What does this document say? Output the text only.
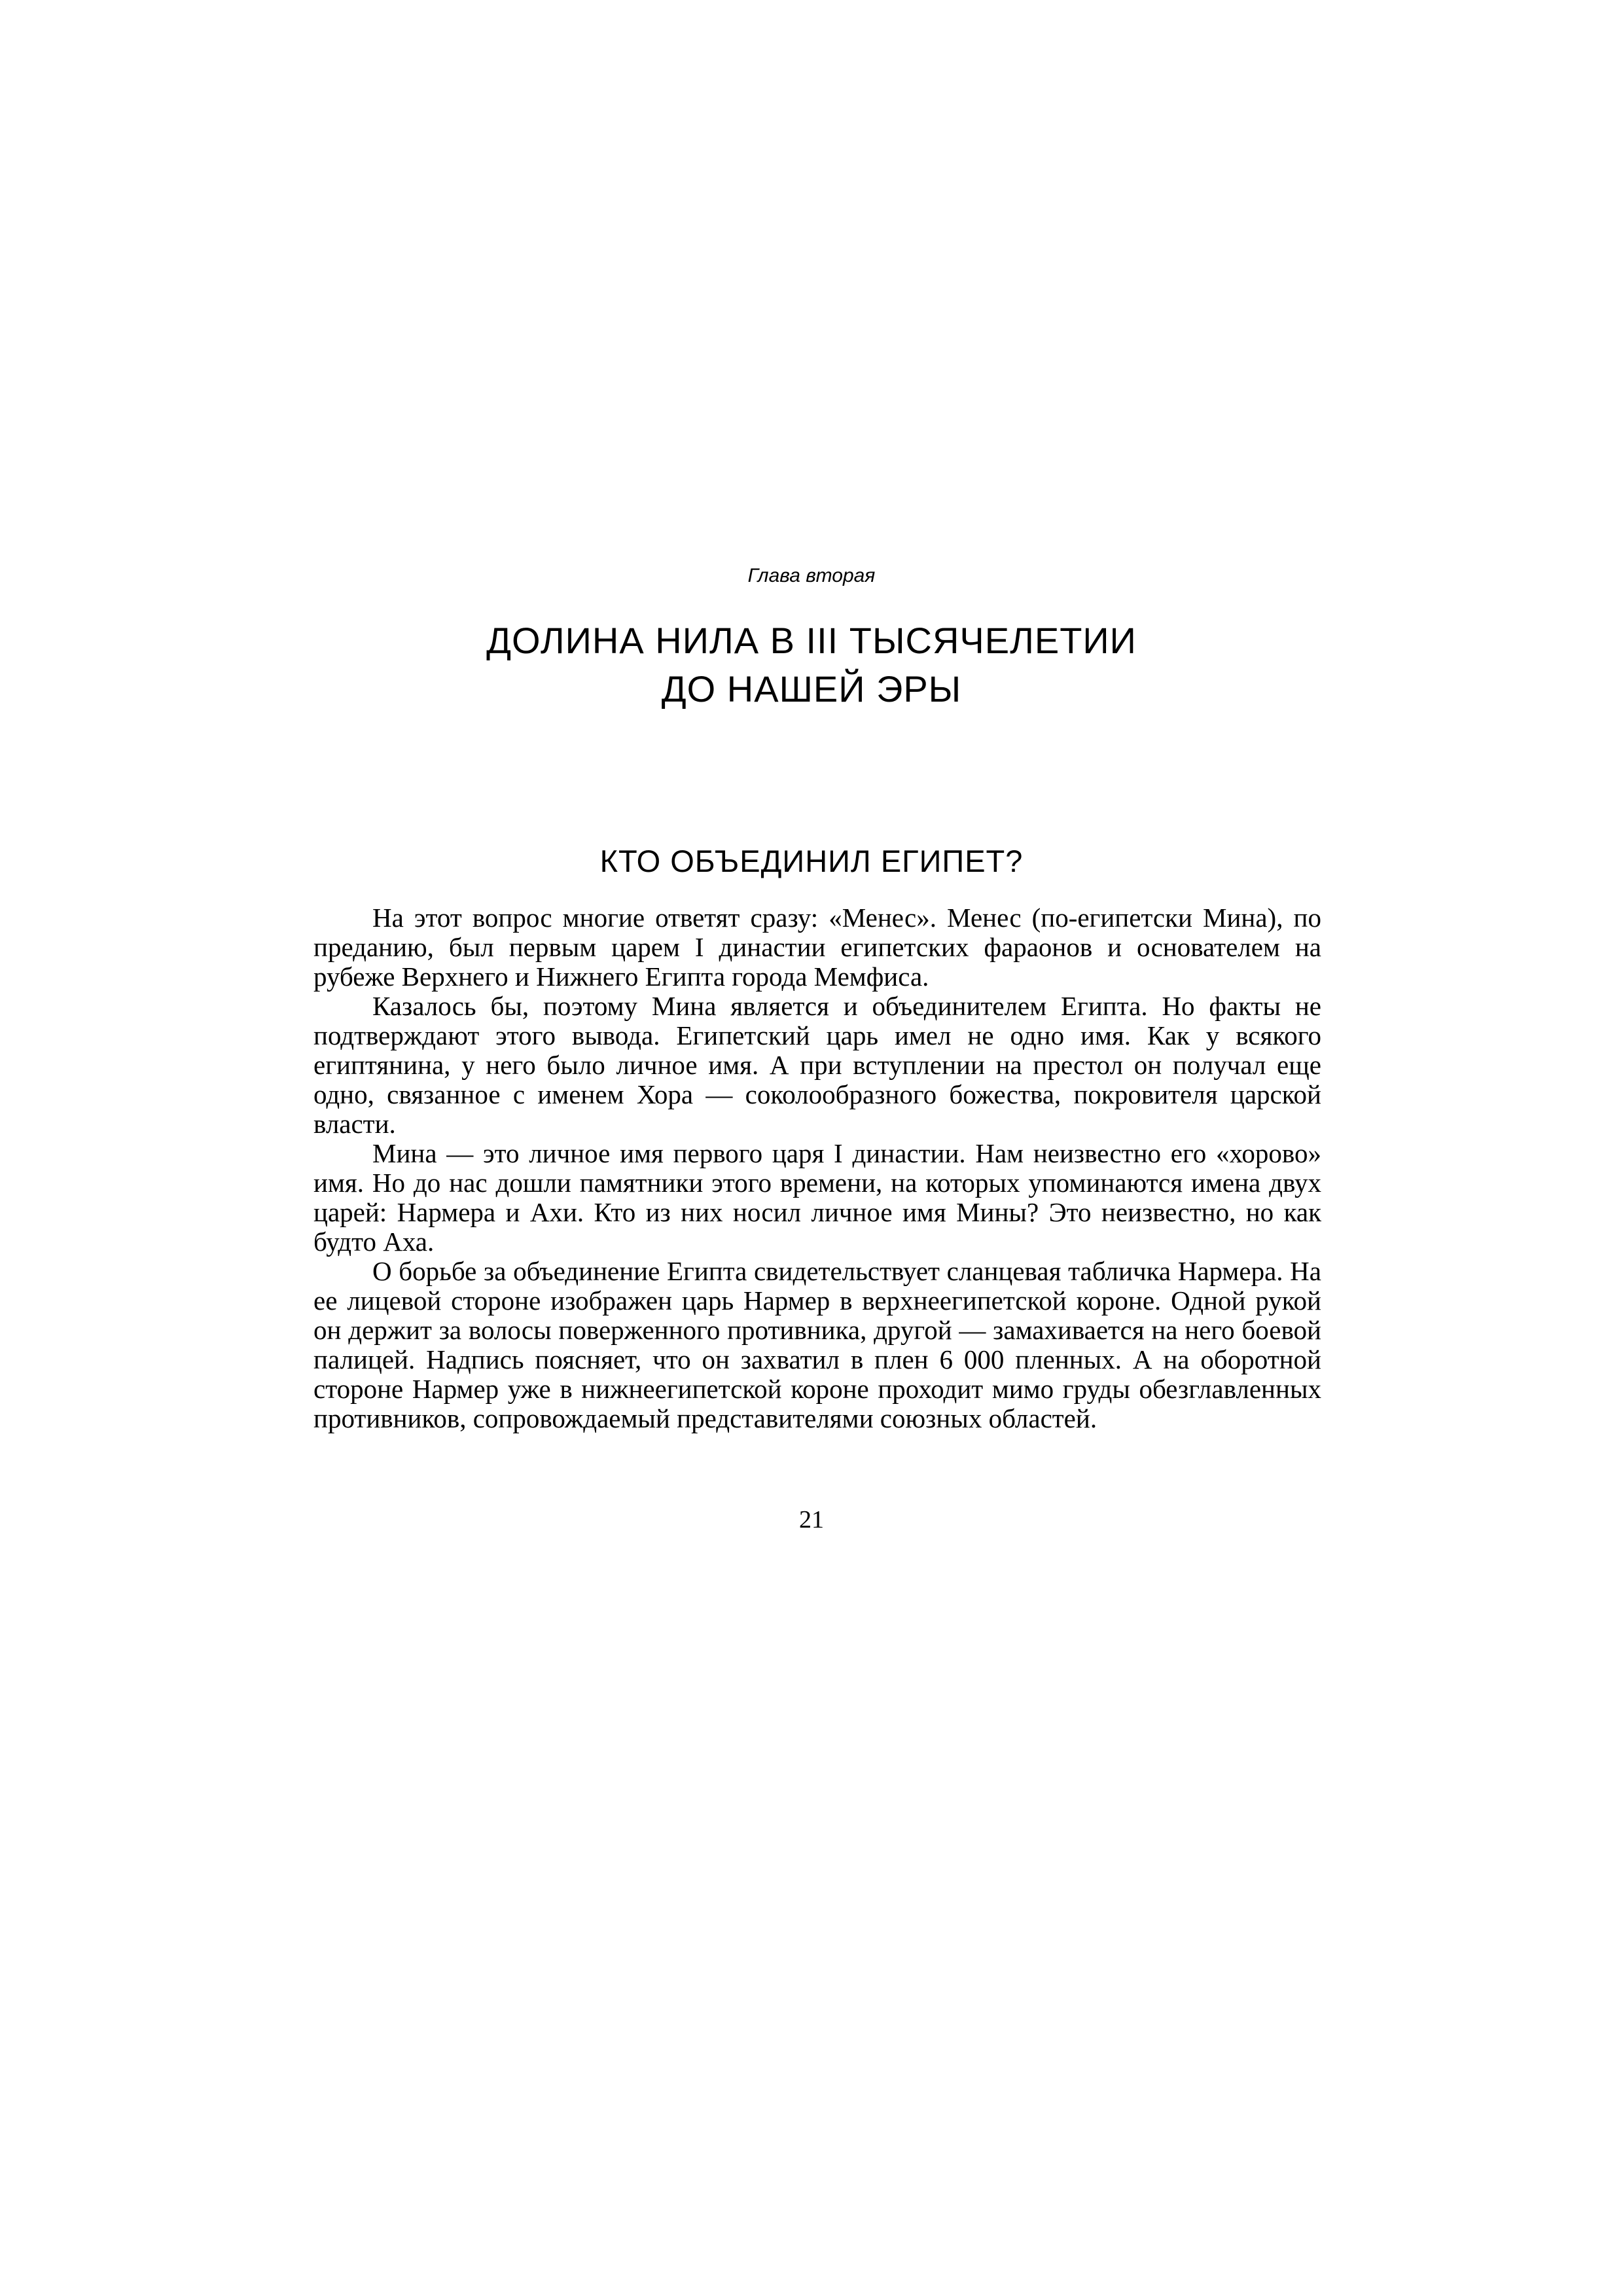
Глава вторая
ДОЛИНА НИЛА В III ТЫСЯЧЕЛЕТИИ
ДО НАШЕЙ ЭРЫ
КТО ОБЪЕДИНИЛ ЕГИПЕТ?

На этот вопрос многие ответят сразу: «Менес». Менес (по-египетски Мина), по преданию, был первым царем I династии египетских фараонов и основателем на рубеже Верхнего и Нижнего Египта города Мемфиса.

Казалось бы, поэтому Мина является и объединителем Египта. Но факты не подтверждают этого вывода. Египетский царь имел не одно имя. Как у всякого египтянина, у него было личное имя. А при вступлении на престол он получал еще одно, связанное с именем Хора — соколообразного божества, покровителя царской власти.

Мина — это личное имя первого царя I династии. Нам неизвестно его «хорово» имя. Но до нас дошли памятники этого времени, на которых упоминаются имена двух царей: Нармера и Ахи. Кто из них носил личное имя Мины? Это неизвестно, но как будто Аха.

О борьбе за объединение Египта свидетельствует сланцевая табличка Нармера. На ее лицевой стороне изображен царь Нармер в верхнеегипетской короне. Одной рукой он держит за волосы поверженного противника, другой — замахивается на него боевой палицей. Надпись поясняет, что он захватил в плен 6 000 пленных. А на оборотной стороне Нармер уже в нижнеегипетской короне проходит мимо груды обезглавленных противников, сопровождаемый представителями союзных областей.

21
